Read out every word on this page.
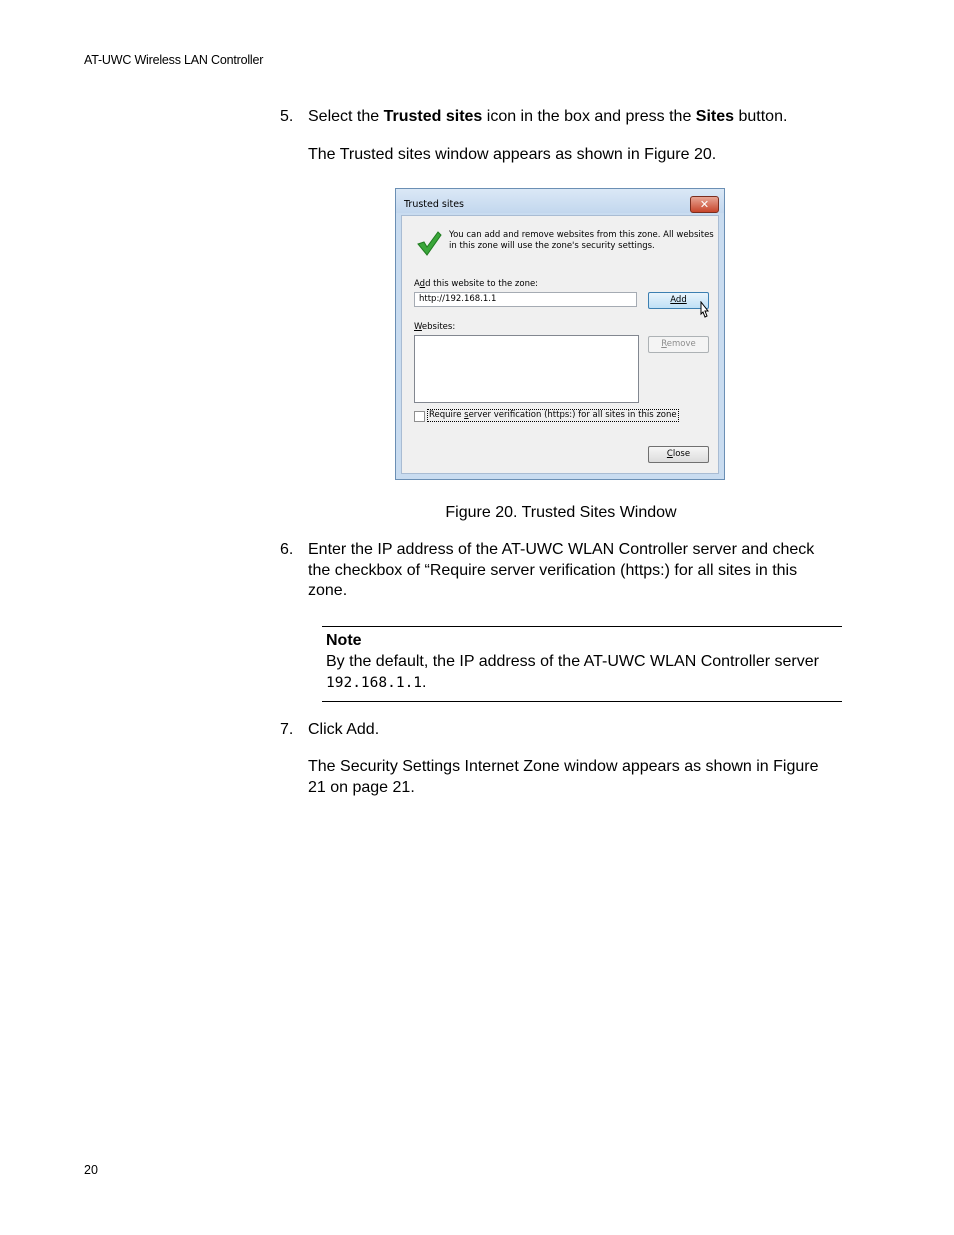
AT-UWC Wireless LAN Controller
5. Select the Trusted sites icon in the box and press the Sites button.
The Trusted sites window appears as shown in Figure 20.
Trusted sites	✕
You can add and remove websites from this zone. All websites in this zone will use the zone's security settings.
Add this website to the zone:
http://192.168.1.1	Add
Websites:
Remove
Require server verification (https:) for all sites in this zone
Close
Figure 20. Trusted Sites Window
6. Enter the IP address of the AT-UWC WLAN Controller server and check the checkbox of “Require server verification (https:) for all sites in this zone.
Note
By the default, the IP address of the AT-UWC WLAN Controller server 192.168.1.1.
7. Click Add.
The Security Settings Internet Zone window appears as shown in Figure 21 on page 21.
20
